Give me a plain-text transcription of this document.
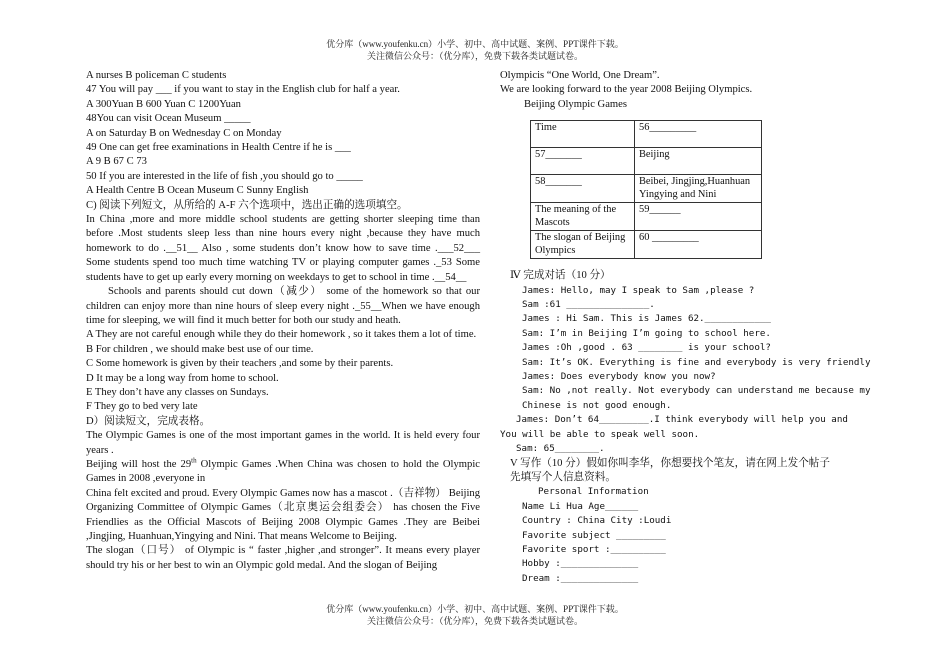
优分库（www.youfenku.cn）小学、初中、高中试题、案例、PPT课件下载。
关注微信公众号：（优分库），免费下载各类试题试卷。
A nurses B policeman C students
47 You will pay ___ if you want to stay in the English club for half a year.
A 300Yuan B 600 Yuan C 1200Yuan
48You can visit Ocean Museum _____
A on Saturday B on Wednesday C on Monday
49 One can get free examinations in Health Centre if he is ___
A 9 B 67 C 73
50 If you are interested in the life of fish ,you should go to _____
A Health Centre B Ocean Museum C Sunny English
C) 阅读下列短文，从所给的 A-F 六个选项中，选出正确的选项填空。
In China ,more and more middle school students are getting shorter sleeping time than before .Most students sleep less than nine hours every night ,because they have much homework to do .__51__ Also , some students don’t know how to save time .___52___ Some students spend too much time watching TV or playing computer games ._53 Some students have to get up early every morning on weekdays to get to school in time .__54__
Schools and parents should cut down（减少） some of the homework so that our children can enjoy more than nine hours of sleep every night ._55__When we have enough time for sleeping, we will find it much better for both our study and heath.
A They are not careful enough while they do their homework , so it takes them a lot of time.
B For children , we should make best use of our time.
C Some homework is given by their teachers ,and some by their parents.
D It may be a long way from home to school.
E They don’t have any classes on Sundays.
F They go to bed very late
D）阅读短文，完成表格。
The Olympic Games is one of the most important games in the world. It is held every four years .
Beijing will host the 29th Olympic Games .When China was chosen to hold the Olympic Games in 2008 ,everyone in
China felt excited and proud. Every Olympic Games now has a mascot .（吉祥物） Beijing Organizing Committee of Olympic Games（北京奥运会组委会） has chosen the Five Friendlies as the Official Mascots of Beijing 2008 Olympic Games .They are Beibei ,Jingjing, Huanhuan,Yingying and Nini. That means Welcome to Beijing.
The slogan（口号） of Olympic is “ faster ,higher ,and stronger”. It means every player should try his or her best to win an Olympic gold medal. And the slogan of Beijing
Olympicis “One World, One Dream”.
We are looking forward to the year 2008 Beijing Olympics.
Beijing Olympic Games
Time	56_________
57_______	Beijing
58_______	Beibei, Jingjing,Huanhuan Yingying and Nini
The meaning of the Mascots	59______
The slogan of Beijing Olympics	60 _________
Ⅳ 完成对话（10 分）
James: Hello, may I speak to Sam ,please ?
Sam :61 _______________.
James : Hi Sam. This is James 62.____________
Sam: I’m in Beijing I’m going to school here.
James :Oh ,good . 63 ________ is your school?
Sam: It’s OK. Everything is fine and everybody is very friendly
James: Does everybody know you now?
Sam: No ,not really. Not everybody can understand me because my
Chinese is not good enough.
James: Don’t 64_________.I think everybody will help you and
You will be able to speak well soon.
Sam: 65________.
V 写作（10 分）假如你叫李华，你想要找个笔友，请在网上发个帖子
先填写个人信息资料。
Personal Information
Name Li Hua Age______
Country : China City :Loudi
Favorite subject _________
Favorite sport :__________
Hobby :______________
Dream :______________
优分库（www.youfenku.cn）小学、初中、高中试题、案例、PPT课件下载。
关注微信公众号：（优分库），免费下载各类试题试卷。
